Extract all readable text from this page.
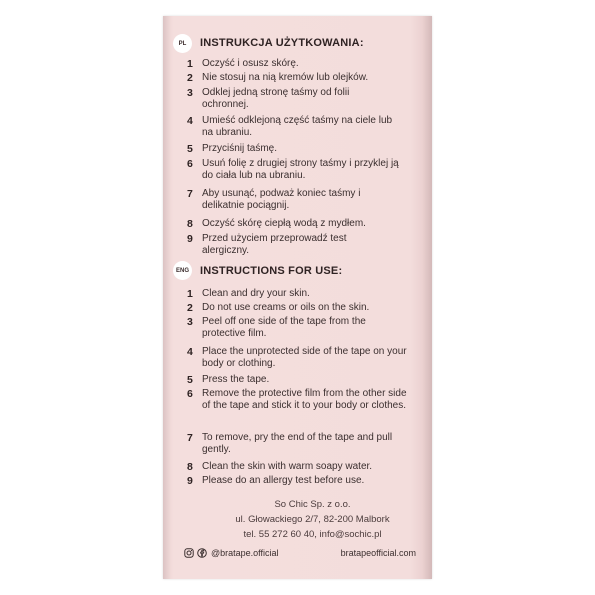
PL	INSTRUKCJA UŻYTKOWANIA:
1 Oczyść i osusz skórę.
2 Nie stosuj na nią kremów lub olejków.
3 Odklej jedną stronę taśmy od folii ochronnej.
4 Umieść odklejoną część taśmy na ciele lub na ubraniu.
5 Przyciśnij taśmę.
6 Usuń folię z drugiej strony taśmy i przyklej ją do ciała lub na ubraniu.
7 Aby usunąć, podważ koniec taśmy i delikatnie pociągnij.
8 Oczyść skórę ciepłą wodą z mydłem.
9 Przed użyciem przeprowadź test alergiczny.
ENG INSTRUCTIONS FOR USE:
1 Clean and dry your skin.
2 Do not use creams or oils on the skin.
3 Peel off one side of the tape from the protective film.
4 Place the unprotected side of the tape on your body or clothing.
5 Press the tape.
6 Remove the protective film from the other side of the tape and stick it to your body or clothes.
7 To remove, pry the end of the tape and pull gently.
8 Clean the skin with warm soapy water.
9 Please do an allergy test before use.
So Chic Sp. z o.o.
ul. Głowackiego 2/7, 82-200 Malbork
tel. 55 272 60 40, info@sochic.pl
@bratape.official	bratapeofficial.com
